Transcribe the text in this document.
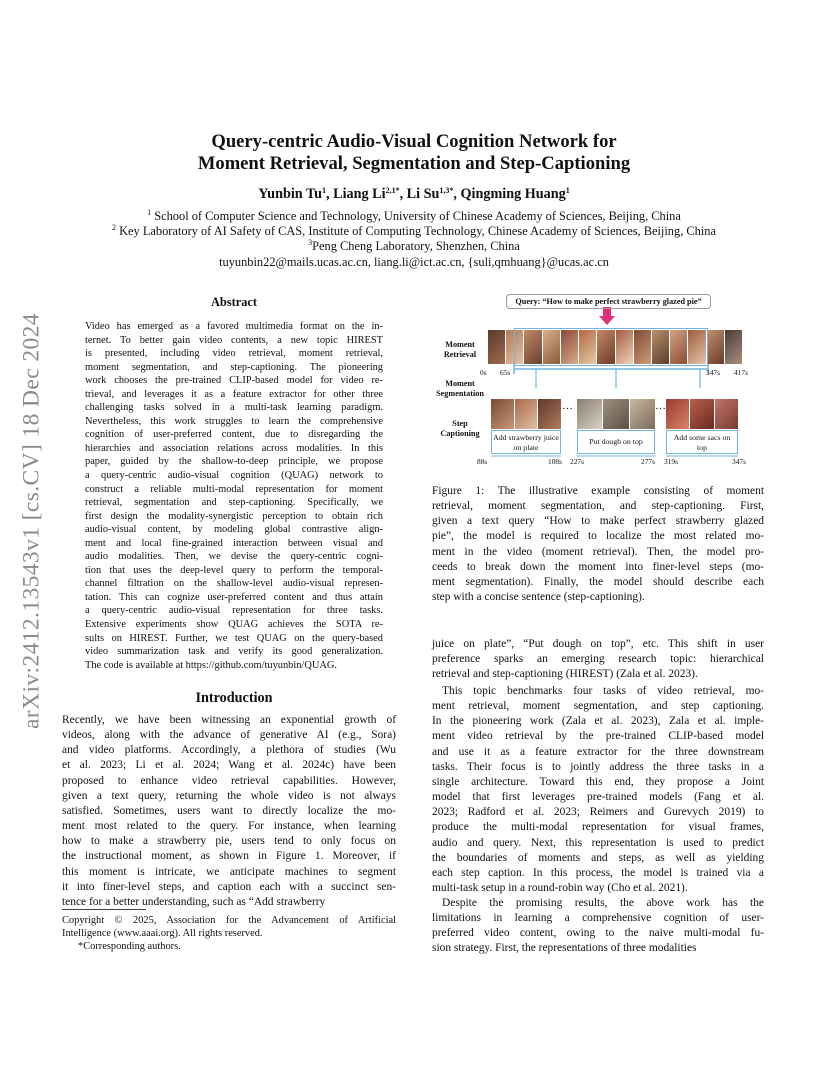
arXiv:2412.13543v1 [cs.CV] 18 Dec 2024
Query-centric Audio-Visual Cognition Network for
Moment Retrieval, Segmentation and Step-Captioning
Yunbin Tu$^1$, Liang $Li^{2,1*}$, Li $Su^{1,3*}$, Qingming Huang$^1$
$^1$ School of Computer Science and Technology, University of Chinese Academy of Sciences, Beijing, China
$^2$ Key Laboratory of AI Safety of CAS, Institute of Computing Technology, Chinese Academy of Sciences, Beijing, China
$^3$Peng Cheng Laboratory, Shenzhen, China
tuyunbin22@mails.ucas.ac.cn, liang.li@ict.ac.cn, {suli,qmhuang}@ucas.ac.cn
Abstract
Video has emerged as a favored multimedia format on the in-
ternet. To better gain video contents, a new topic HIREST
is presented, including video retrieval, moment retrieval,
moment segmentation, and step-captioning. The pioneering
work chooses the pre-trained CLIP-based model for video re-
trieval, and leverages it as a feature extractor for other three
challenging tasks solved in a multi-task learning paradigm.
Nevertheless, this work struggles to learn the comprehensive
cognition of user-preferred content, due to disregarding the
hierarchies and association relations across modalities. In this
paper, guided by the shallow-to-deep principle, we propose
a query-centric audio-visual cognition (QUAG) network to
construct a reliable multi-modal representation for moment
retrieval, segmentation and step-captioning. Specifically, we
first design the modality-synergistic perception to obtain rich
audio-visual content, by modeling global contrastive align-
ment and local fine-grained interaction between visual and
audio modalities. Then, we devise the query-centric cogni-
tion that uses the deep-level query to perform the temporal-
channel filtration on the shallow-level audio-visual represen-
tation. This can cognize user-preferred content and thus attain
a query-centric audio-visual representation for three tasks.
Extensive experiments show QUAG achieves the SOTA re-
sults on HIREST. Further, we test QUAG on the query-based
video summarization task and verify its good generalization.
The code is available at https://github.com/tuyunbin/QUAG.
Introduction
Recently, we have been witnessing an exponential growth of
videos, along with the advance of generative AI (e.g., Sora)
and video platforms. Accordingly, a plethora of studies (Wu
et al. 2023; Li et al. 2024; Wang et al. 2024c) have been
proposed to enhance video retrieval capabilities. However,
given a text query, returning the whole video is not always
satisfied. Sometimes, users want to directly localize the mo-
ment most related to the query. For instance, when learning
how to make a strawberry pie, users tend to only focus on
the instructional moment, as shown in Figure 1. Moreover, if
this moment is intricate, we anticipate machines to segment
it into finer-level steps, and caption each with a succinct sen-
tence for a better understanding, such as “Add strawberry
Copyright © 2025, Association for the Advancement of Artificial
Intelligence (www.aaai.org). All rights reserved.
*Corresponding authors.
Query: “How to make perfect strawberry glazed pie”
Moment
Retrieval
Moment
Segmentation
Step
Captioning
0s 65s	347s 417s
Add strawberry juice on plate
88s	108s
…
Put dough on top
227s	277s
…
Add some sacs on top
319s	347s
Figure 1: The illustrative example consisting of moment
retrieval, moment segmentation, and step-captioning. First,
given a text query “How to make perfect strawberry glazed
pie”, the model is required to localize the most related mo-
ment in the video (moment retrieval). Then, the model pro-
ceeds to break down the moment into finer-level steps (mo-
ment segmentation). Finally, the model should describe each
step with a concise sentence (step-captioning).
juice on plate”, “Put dough on top”, etc. This shift in user
preference sparks an emerging research topic: hierarchical
retrieval and step-captioning (HIREST) (Zala et al. 2023).
This topic benchmarks four tasks of video retrieval, mo-
ment retrieval, moment segmentation, and step captioning.
In the pioneering work (Zala et al. 2023), Zala et al. imple-
ment video retrieval by the pre-trained CLIP-based model
and use it as a feature extractor for the three downstream
tasks. Their focus is to jointly address the three tasks in a
single architecture. Toward this end, they propose a Joint
model that first leverages pre-trained models (Fang et al.
2023; Radford et al. 2023; Reimers and Gurevych 2019) to
produce the multi-modal representation for visual frames,
audio and query. Next, this representation is used to predict
the boundaries of moments and steps, as well as yielding
each step caption. In this process, the model is trained via a
multi-task setup in a round-robin way (Cho et al. 2021).
Despite the promising results, the above work has the
limitations in learning a comprehensive cognition of user-
preferred video content, owing to the naive multi-modal fu-
sion strategy. First, the representations of three modalities
